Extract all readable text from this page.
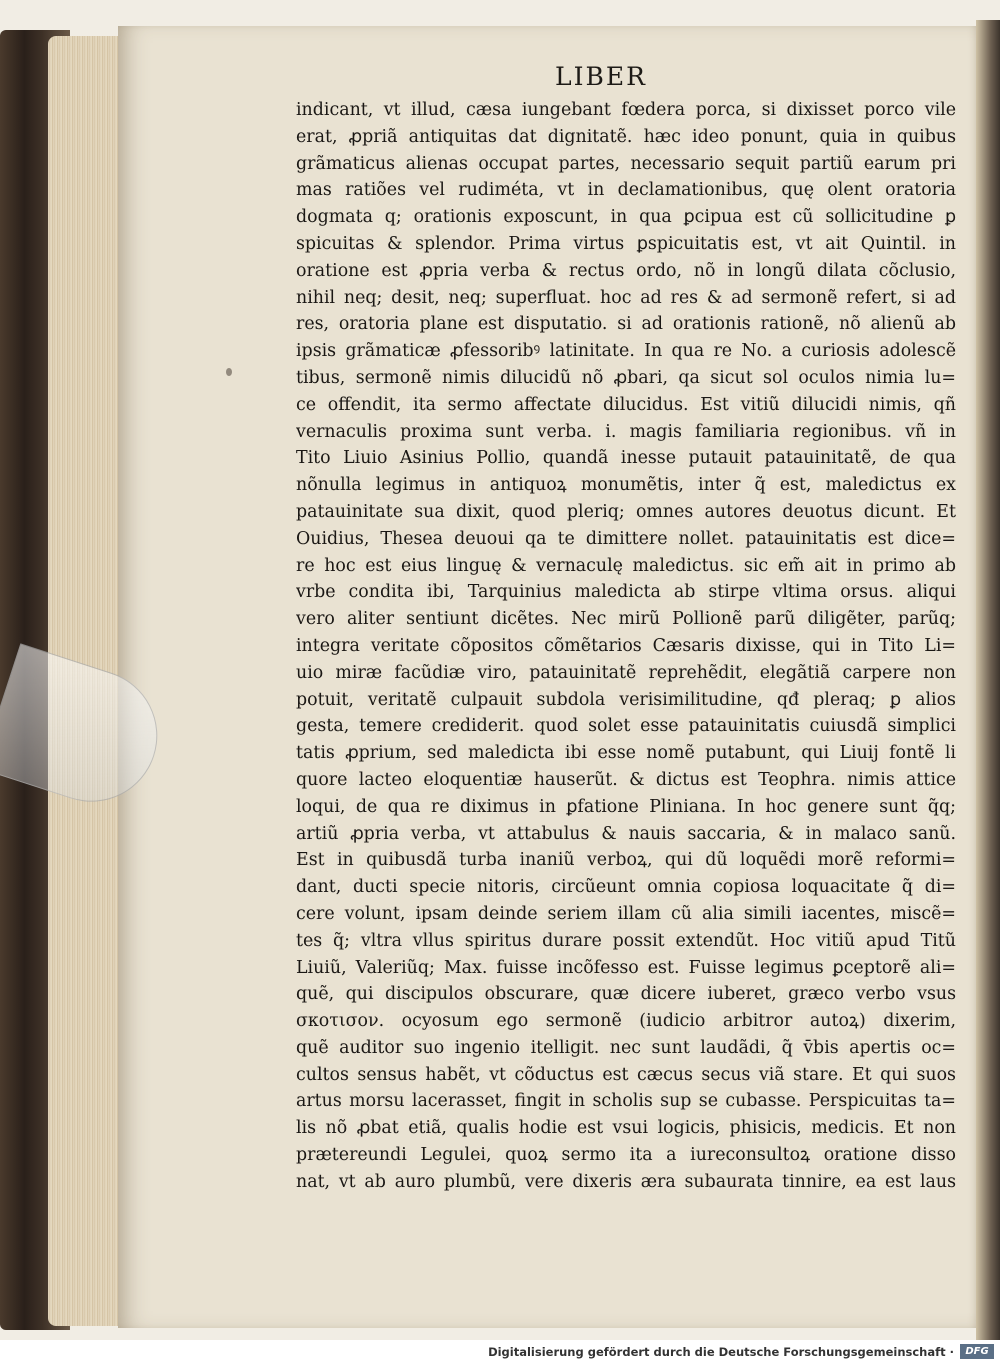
LIBER
indicant, vt illud, cæsa iungebant fœdera porca, si dixisset porco vile
erat, ꝓpriã antiquitas dat dignitatẽ. hæc ideo ponunt, quia in quibus
grãmaticus alienas occupat partes, necessario sequit partiũ earum pri
mas ratiões vel rudiméta, vt in declamationibus, quę olent oratoria
dogmata q; orationis exposcunt, in qua ꝑcipua est cũ sollicitudine ꝑ
spicuitas & splendor. Prima virtus ꝑspicuitatis est, vt ait Quintil. in
oratione est ꝓpria verba & rectus ordo, nõ in longũ dilata cõclusio,
nihil neq; desit, neq; superfluat. hoc ad res & ad sermonẽ refert, si ad
res, oratoria plane est disputatio. si ad orationis rationẽ, nõ alienũ ab
ipsis grãmaticæ ꝓfessoribꝰ latinitate. In qua re No. a curiosis adolescẽ
tibus, sermonẽ nimis dilucidũ nõ ꝓbari, qa sicut sol oculos nimia lu=
ce offendit, ita sermo affectate dilucidus. Est vitiũ dilucidi nimis, qñ
vernaculis proxima sunt verba. i. magis familiaria regionibus. vñ in
Tito Liuio Asinius Pollio, quandã inesse putauit patauinitatẽ, de qua
nõnulla legimus in antiquoꝝ monumẽtis, inter q̃ est, maledictus ex
patauinitate sua dixit, quod pleriq; omnes autores deuotus dicunt. Et
Ouidius, Thesea deuoui qa te dimittere nollet. patauinitatis est dice=
re hoc est eius linguę & vernaculę maledictus. sic em̃ ait in primo ab
vrbe condita ibi, Tarquinius maledicta ab stirpe vltima orsus. aliqui
vero aliter sentiunt dicẽtes. Nec mirũ Pollionẽ parũ diligẽter, parũq;
integra veritate cõpositos cõmẽtarios Cæsaris dixisse, qui in Tito Li=
uio miræ facũdiæ viro, patauinitatẽ reprehẽdit, elegãtiã carpere non
potuit, veritatẽ culpauit subdola verisimilitudine, qđ pleraq; ꝑ alios
gesta, temere crediderit. quod solet esse patauinitatis cuiusdã simplici
tatis ꝓprium, sed maledicta ibi esse nomẽ putabunt, qui Liuij fontẽ li
quore lacteo eloquentiæ hauserũt. & dictus est Teophra. nimis attice
loqui, de qua re diximus in ꝑfatione Pliniana. In hoc genere sunt q̃q;
artiũ ꝓpria verba, vt attabulus & nauis saccaria, & in malaco sanũ.
Est in quibusdã turba inaniũ verboꝝ, qui dũ loquẽdi morẽ reformi=
dant, ducti specie nitoris, circũeunt omnia copiosa loquacitate q̃ di=
cere volunt, ipsam deinde seriem illam cũ alia simili iacentes, miscẽ=
tes q̃; vltra vllus spiritus durare possit extendũt. Hoc vitiũ apud Titũ
Liuiũ, Valeriũq; Max. fuisse incõfesso est. Fuisse legimus ꝑceptorẽ ali=
quẽ, qui discipulos obscurare, quæ dicere iuberet, græco verbo vsus
σκοτισον. ocyosum ego sermonẽ (iudicio arbitror autoꝝ) dixerim,
quẽ auditor suo ingenio itelligit. nec sunt laudãdi, q̃ v̄bis apertis oc=
cultos sensus habẽt, vt cõductus est cæcus secus viã stare. Et qui suos
artus morsu lacerasset, fingit in scholis sup se cubasse. Perspicuitas ta=
lis nõ ꝓbat etiã, qualis hodie est vsui logicis, phisicis, medicis. Et non
prætereundi Legulei, quoꝝ sermo ita a iureconsultoꝝ oratione disso
nat, vt ab auro plumbũ, vere dixeris æra subaurata tinnire, ea est laus
Digitalisierung gefördert durch die Deutsche Forschungsgemeinschaft ·	DFG
